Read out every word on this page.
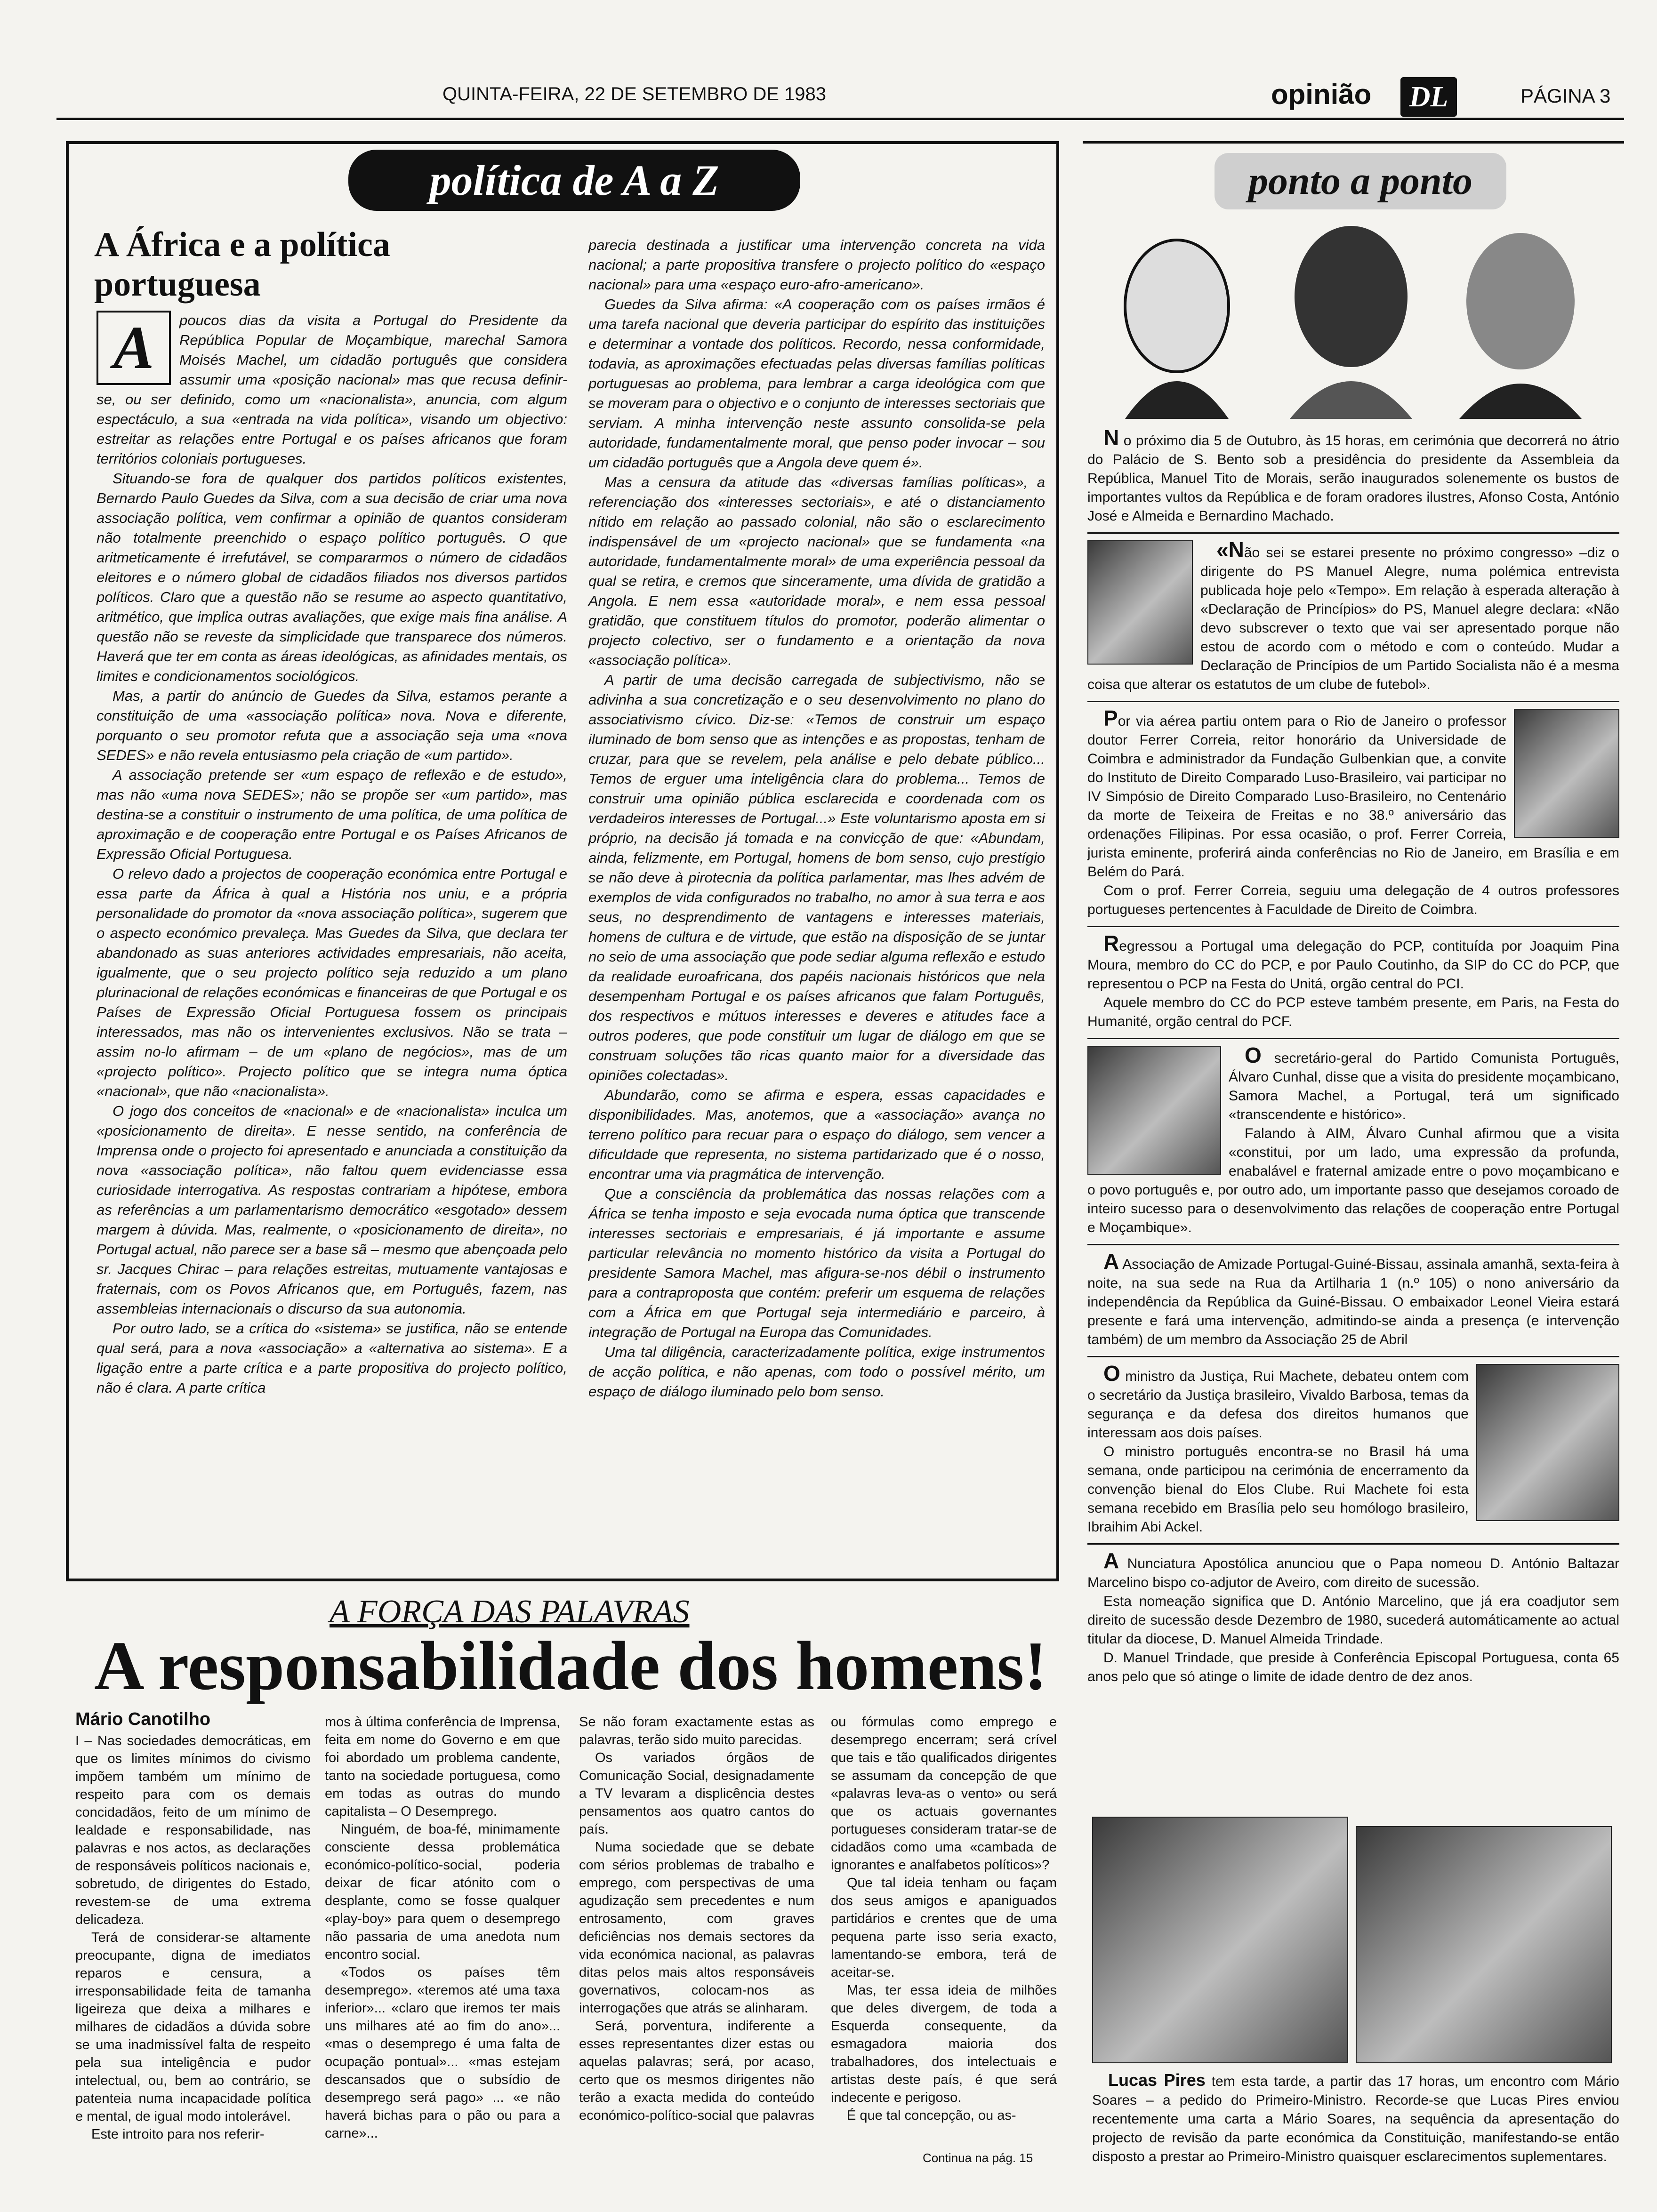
QUINTA-FEIRA, 22 DE SETEMBRO DE 1983	opinião	DL	PÁGINA 3
política de A a Z
A África e a política portuguesa
A	poucos dias da visita a Portugal do Presidente da República Popular de Moçambique, marechal Samora Moisés Machel, um cidadão português que considera assumir uma «posição nacional» mas que recusa definir-se, ou ser definido, como um «nacionalista», anuncia, com algum espectáculo, a sua «entrada na vida política», visando um objectivo: estreitar as relações entre Portugal e os países africanos que foram territórios coloniais portugueses.

Situando-se fora de qualquer dos partidos políticos existentes, Bernardo Paulo Guedes da Silva, com a sua decisão de criar uma nova associação política, vem confirmar a opinião de quantos consideram não totalmente preenchido o espaço político português. O que aritmeticamente é irrefutável, se compararmos o número de cidadãos eleitores e o número global de cidadãos filiados nos diversos partidos políticos. Claro que a questão não se resume ao aspecto quantitativo, aritmético, que implica outras avaliações, que exige mais fina análise. A questão não se reveste da simplicidade que transparece dos números. Haverá que ter em conta as áreas ideológicas, as afinidades mentais, os limites e condicionamentos sociológicos.

Mas, a partir do anúncio de Guedes da Silva, estamos perante a constituição de uma «associação política» nova. Nova e diferente, porquanto o seu promotor refuta que a associação seja uma «nova SEDES» e não revela entusiasmo pela criação de «um partido».

A associação pretende ser «um espaço de reflexão e de estudo», mas não «uma nova SEDES»; não se propõe ser «um partido», mas destina-se a constituir o instrumento de uma política, de uma política de aproximação e de cooperação entre Portugal e os Países Africanos de Expressão Oficial Portuguesa.

O relevo dado a projectos de cooperação económica entre Portugal e essa parte da África à qual a História nos uniu, e a própria personalidade do promotor da «nova associação política», sugerem que o aspecto económico prevaleça. Mas Guedes da Silva, que declara ter abandonado as suas anteriores actividades empresariais, não aceita, igualmente, que o seu projecto político seja reduzido a um plano plurinacional de relações económicas e financeiras de que Portugal e os Países de Expressão Oficial Portuguesa fossem os principais interessados, mas não os intervenientes exclusivos. Não se trata – assim no-lo afirmam – de um «plano de negócios», mas de um «projecto político». Projecto político que se integra numa óptica «nacional», que não «nacionalista».

O jogo dos conceitos de «nacional» e de «nacionalista» inculca um «posicionamento de direita». E nesse sentido, na conferência de Imprensa onde o projecto foi apresentado e anunciada a constituição da nova «associação política», não faltou quem evidenciasse essa curiosidade interrogativa. As respostas contrariam a hipótese, embora as referências a um parlamentarismo democrático «esgotado» dessem margem à dúvida. Mas, realmente, o «posicionamento de direita», no Portugal actual, não parece ser a base sã – mesmo que abençoada pelo sr. Jacques Chirac – para relações estreitas, mutuamente vantajosas e fraternais, com os Povos Africanos que, em Português, fazem, nas assembleias internacionais o discurso da sua autonomia.

Por outro lado, se a crítica do «sistema» se justifica, não se entende qual será, para a nova «associação» a «alternativa ao sistema». E a ligação entre a parte crítica e a parte propositiva do projecto político, não é clara. A parte crítica

parecia destinada a justificar uma intervenção concreta na vida nacional; a parte propositiva transfere o projecto político do «espaço nacional» para uma «espaço euro-afro-americano».

Guedes da Silva afirma: «A cooperação com os países irmãos é uma tarefa nacional que deveria participar do espírito das instituições e determinar a vontade dos políticos. Recordo, nessa conformidade, todavia, as aproximações efectuadas pelas diversas famílias políticas portuguesas ao problema, para lembrar a carga ideológica com que se moveram para o objectivo e o conjunto de interesses sectoriais que serviam. A minha intervenção neste assunto consolida-se pela autoridade, fundamentalmente moral, que penso poder invocar – sou um cidadão português que a Angola deve quem é».

Mas a censura da atitude das «diversas famílias políticas», a referenciação dos «interesses sectoriais», e até o distanciamento nítido em relação ao passado colonial, não são o esclarecimento indispensável de um «projecto nacional» que se fundamenta «na autoridade, fundamentalmente moral» de uma experiência pessoal da qual se retira, e cremos que sinceramente, uma dívida de gratidão a Angola. E nem essa «autoridade moral», e nem essa pessoal gratidão, que constituem títulos do promotor, poderão alimentar o projecto colectivo, ser o fundamento e a orientação da nova «associação política».

A partir de uma decisão carregada de subjectivismo, não se adivinha a sua concretização e o seu desenvolvimento no plano do associativismo cívico. Diz-se: «Temos de construir um espaço iluminado de bom senso que as intenções e as propostas, tenham de cruzar, para que se revelem, pela análise e pelo debate público... Temos de erguer uma inteligência clara do problema... Temos de construir uma opinião pública esclarecida e coordenada com os verdadeiros interesses de Portugal...» Este voluntarismo aposta em si próprio, na decisão já tomada e na convicção de que: «Abundam, ainda, felizmente, em Portugal, homens de bom senso, cujo prestígio se não deve à pirotecnia da política parlamentar, mas lhes advém de exemplos de vida configurados no trabalho, no amor à sua terra e aos seus, no desprendimento de vantagens e interesses materiais, homens de cultura e de virtude, que estão na disposição de se juntar no seio de uma associação que pode sediar alguma reflexão e estudo da realidade euroafricana, dos papéis nacionais históricos que nela desempenham Portugal e os países africanos que falam Português, dos respectivos e mútuos interesses e deveres e atitudes face a outros poderes, que pode constituir um lugar de diálogo em que se construam soluções tão ricas quanto maior for a diversidade das opiniões colectadas».

Abundarão, como se afirma e espera, essas capacidades e disponibilidades. Mas, anotemos, que a «associação» avança no terreno político para recuar para o espaço do diálogo, sem vencer a dificuldade que representa, no sistema partidarizado que é o nosso, encontrar uma via pragmática de intervenção.

Que a consciência da problemática das nossas relações com a África se tenha imposto e seja evocada numa óptica que transcende interesses sectoriais e empresariais, é já importante e assume particular relevância no momento histórico da visita a Portugal do presidente Samora Machel, mas afigura-se-nos débil o instrumento para a contraproposta que contém: preferir um esquema de relações com a África em que Portugal seja intermediário e parceiro, à integração de Portugal na Europa das Comunidades.

Uma tal diligência, caracterizadamente política, exige instrumentos de acção política, e não apenas, com todo o possível mérito, um espaço de diálogo iluminado pelo bom senso.

ponto a ponto

N o próximo dia 5 de Outubro, às 15 horas, em cerimónia que decorrerá no átrio do Palácio de S. Bento sob a presidência do presidente da Assembleia da República, Manuel Tito de Morais, serão inaugurados solenemente os bustos de importantes vultos da República e de foram oradores ilustres, Afonso Costa, António José e Almeida e Bernardino Machado.

«Não sei se estarei presente no próximo congresso» –diz o dirigente do PS Manuel Alegre, numa polémica entrevista publicada hoje pelo «Tempo». Em relação à esperada alteração à «Declaração de Princípios» do PS, Manuel alegre declara: «Não devo subscrever o texto que vai ser apresentado porque não estou de acordo com o método e com o conteúdo. Mudar a Declaração de Princípios de um Partido Socialista não é a mesma coisa que alterar os estatutos de um clube de futebol».

Por via aérea partiu ontem para o Rio de Janeiro o professor doutor Ferrer Correia, reitor honorário da Universidade de Coimbra e administrador da Fundação Gulbenkian que, a convite do Instituto de Direito Comparado Luso-Brasileiro, vai participar no IV Simpósio de Direito Comparado Luso-Brasileiro, no Centenário da morte de Teixeira de Freitas e no 38.º aniversário das ordenações Filipinas. Por essa ocasião, o prof. Ferrer Correia, jurista eminente, proferirá ainda conferências no Rio de Janeiro, em Brasília e em Belém do Pará.

Com o prof. Ferrer Correia, seguiu uma delegação de 4 outros professores portugueses pertencentes à Faculdade de Direito de Coimbra.

Regressou a Portugal uma delegação do PCP, contituída por Joaquim Pina Moura, membro do CC do PCP, e por Paulo Coutinho, da SIP do CC do PCP, que representou o PCP na Festa do Unitá, orgão central do PCI.

Aquele membro do CC do PCP esteve também presente, em Paris, na Festa do Humanité, orgão central do PCF.

O secretário-geral do Partido Comunista Português, Álvaro Cunhal, disse que a visita do presidente moçambicano, Samora Machel, a Portugal, terá um significado «transcendente e histórico».

Falando à AIM, Álvaro Cunhal afirmou que a visita «constitui, por um lado, uma expressão da profunda, enabalável e fraternal amizade entre o povo moçambicano e o povo português e, por outro ado, um importante passo que desejamos coroado de inteiro sucesso para o desenvolvimento das relações de cooperação entre Portugal e Moçambique».

A Associação de Amizade Portugal-Guiné-Bissau, assinala amanhã, sexta-feira à noite, na sua sede na Rua da Artilharia 1 (n.º 105) o nono aniversário da independência da República da Guiné-Bissau. O embaixador Leonel Vieira estará presente e fará uma intervenção, admitindo-se ainda a presença (e intervenção também) de um membro da Associação 25 de Abril

O ministro da Justiça, Rui Machete, debateu ontem com o secretário da Justiça brasileiro, Vivaldo Barbosa, temas da segurança e da defesa dos direitos humanos que interessam aos dois países.

O ministro português encontra-se no Brasil há uma semana, onde participou na cerimónia de encerramento da convenção bienal do Elos Clube. Rui Machete foi esta semana recebido em Brasília pelo seu homólogo brasileiro, Ibraihim Abi Ackel.

A Nunciatura Apostólica anunciou que o Papa nomeou D. António Baltazar Marcelino bispo co-adjutor de Aveiro, com direito de sucessão.

Esta nomeação significa que D. António Marcelino, que já era coadjutor sem direito de sucessão desde Dezembro de 1980, sucederá automáticamente ao actual titular da diocese, D. Manuel Almeida Trindade.

D. Manuel Trindade, que preside à Conferência Episcopal Portuguesa, conta 65 anos pelo que só atinge o limite de idade dentro de dez anos.

Lucas Pires tem esta tarde, a partir das 17 horas, um encontro com Mário Soares – a pedido do Primeiro-Ministro. Recorde-se que Lucas Pires enviou recentemente uma carta a Mário Soares, na sequência da apresentação do projecto de revisão da parte económica da Constituição, manifestando-se então disposto a prestar ao Primeiro-Ministro quaisquer esclarecimentos suplementares.

A FORÇA DAS PALAVRAS
A responsabilidade dos homens!
Mário Canotilho

I – Nas sociedades democráticas, em que os limites mínimos do civismo impõem também um mínimo de respeito para com os demais concidadãos, feito de um mínimo de lealdade e responsabilidade, nas palavras e nos actos, as declarações de responsáveis políticos nacionais e, sobretudo, de dirigentes do Estado, revestem-se de uma extrema delicadeza.

Terá de considerar-se altamente preocupante, digna de imediatos reparos e censura, a irresponsabilidade feita de tamanha ligeireza que deixa a milhares e milhares de cidadãos a dúvida sobre se uma inadmissível falta de respeito pela sua inteligência e pudor intelectual, ou, bem ao contrário, se patenteia numa incapacidade política e mental, de igual modo intolerável.

Este introito para nos referir-

mos à última conferência de Imprensa, feita em nome do Governo e em que foi abordado um problema candente, tanto na sociedade portuguesa, como em todas as outras do mundo capitalista – O Desemprego.

Ninguém, de boa-fé, minimamente consciente dessa problemática económico-político-social, poderia deixar de ficar atónito com o desplante, como se fosse qualquer «play-boy» para quem o desemprego não passaria de uma anedota num encontro social.

«Todos os países têm desemprego». «teremos até uma taxa inferior»... «claro que iremos ter mais uns milhares até ao fim do ano»... «mas o desemprego é uma falta de ocupação pontual»... «mas estejam descansados que o subsídio de desemprego será pago» ... «e não haverá bichas para o pão ou para a carne»...

Se não foram exactamente estas as palavras, terão sido muito parecidas.

Os variados órgãos de Comunicação Social, designadamente a TV levaram a displicência destes pensamentos aos quatro cantos do país.

Numa sociedade que se debate com sérios problemas de trabalho e emprego, com perspectivas de uma agudização sem precedentes e num entrosamento, com graves deficiências nos demais sectores da vida económica nacional, as palavras ditas pelos mais altos responsáveis governativos, colocam-nos as interrogações que atrás se alinharam.

Será, porventura, indiferente a esses representantes dizer estas ou aquelas palavras; será, por acaso, certo que os mesmos dirigentes não terão a exacta medida do conteúdo económico-político-social que palavras

ou fórmulas como emprego e desemprego encerram; será crível que tais e tão qualificados dirigentes se assumam da concepção de que «palavras leva-as o vento» ou será que os actuais governantes portugueses consideram tratar-se de cidadãos como uma «cambada de ignorantes e analfabetos políticos»?

Que tal ideia tenham ou façam dos seus amigos e apaniguados partidários e crentes que de uma pequena parte isso seria exacto, lamentando-se embora, terá de aceitar-se.

Mas, ter essa ideia de milhões que deles divergem, de toda a Esquerda consequente, da esmagadora maioria dos trabalhadores, dos intelectuais e artistas deste país, é que será indecente e perigoso.

É que tal concepção, ou as-

Continua na pág. 15
